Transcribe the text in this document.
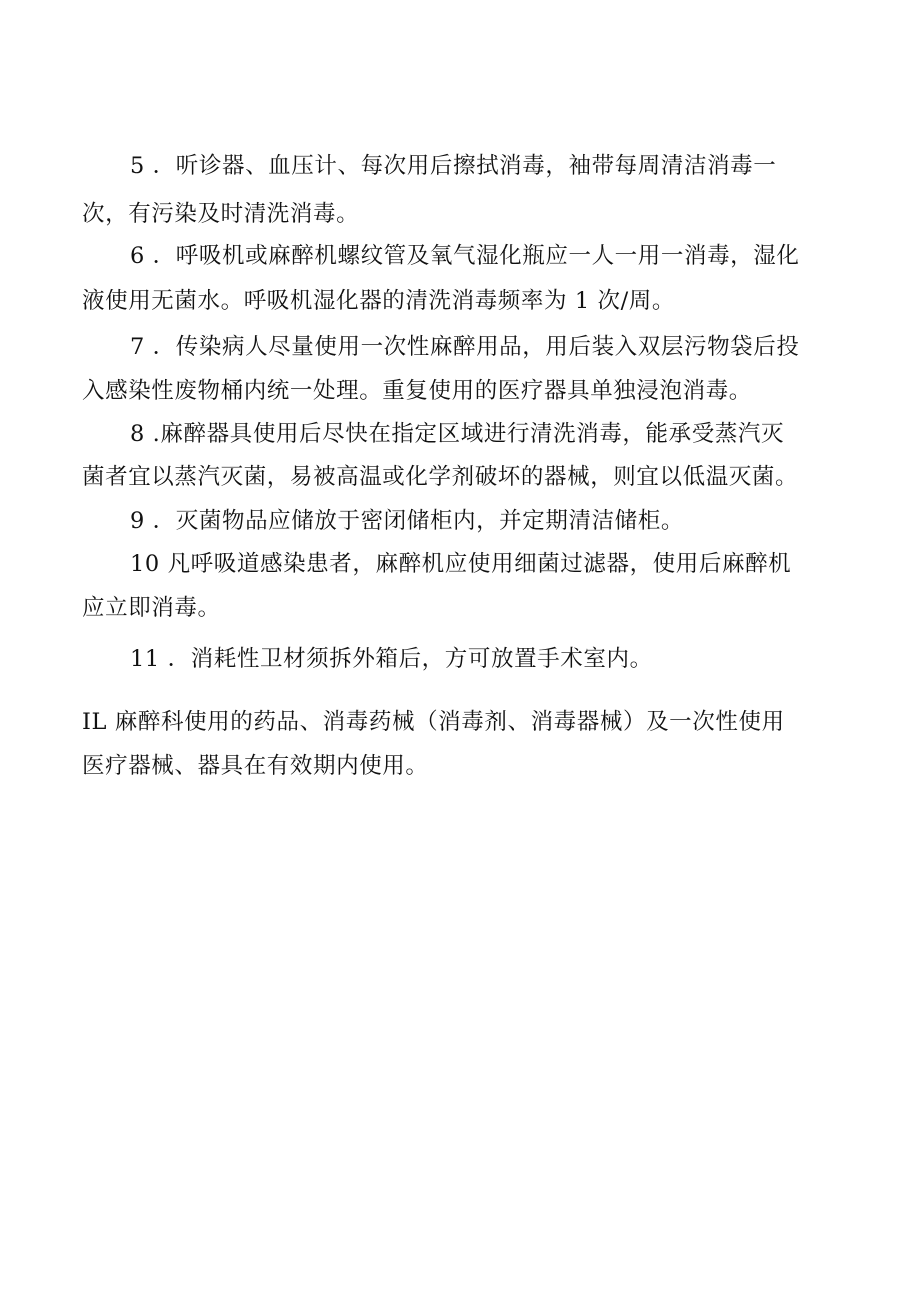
5 ．听诊器、血压计、每次用后擦拭消毒，袖带每周清洁消毒一
次，有污染及时清洗消毒。
6 ．呼吸机或麻醉机螺纹管及氧气湿化瓶应一人一用一消毒，湿化
液使用无菌水。呼吸机湿化器的清洗消毒频率为 1 次/周。
7 ．传染病人尽量使用一次性麻醉用品，用后装入双层污物袋后投
入感染性废物桶内统一处理。重复使用的医疗器具单独浸泡消毒。
8 .麻醉器具使用后尽快在指定区域进行清洗消毒，能承受蒸汽灭
菌者宜以蒸汽灭菌，易被高温或化学剂破坏的器械，则宜以低温灭菌。
9 ．灭菌物品应储放于密闭储柜内，并定期清洁储柜。
10 凡呼吸道感染患者，麻醉机应使用细菌过滤器，使用后麻醉机
应立即消毒。
11 ．消耗性卫材须拆外箱后，方可放置手术室内。
IL 麻醉科使用的药品、消毒药械（消毒剂、消毒器械）及一次性使用
医疗器械、器具在有效期内使用。
